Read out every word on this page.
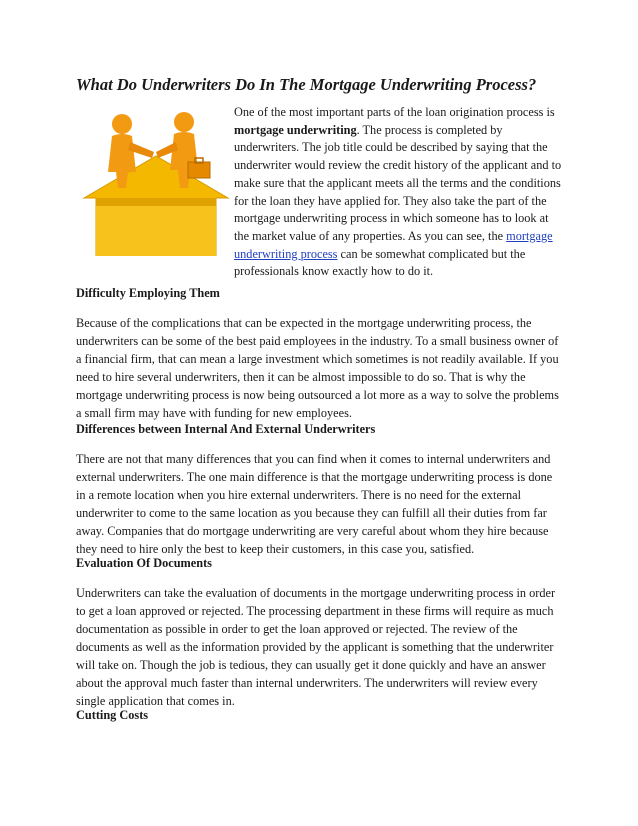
What Do Underwriters Do In The Mortgage Underwriting Process?

One of the most important parts of the loan origination process is mortgage underwriting. The process is completed by underwriters. The job title could be described by saying that the underwriter would review the credit history of the applicant and to make sure that the applicant meets all the terms and the conditions for the loan they have applied for. They also take the part of the mortgage underwriting process in which someone has to look at the market value of any properties. As you can see, the mortgage underwriting process can be somewhat complicated but the professionals know exactly how to do it.

Difficulty Employing Them

Because of the complications that can be expected in the mortgage underwriting process, the underwriters can be some of the best paid employees in the industry. To a small business owner of a financial firm, that can mean a large investment which sometimes is not readily available. If you need to hire several underwriters, then it can be almost impossible to do so. That is why the mortgage underwriting process is now being outsourced a lot more as a way to solve the problems a small firm may have with funding for new employees.

Differences between Internal And External Underwriters

There are not that many differences that you can find when it comes to internal underwriters and external underwriters. The one main difference is that the mortgage underwriting process is done in a remote location when you hire external underwriters. There is no need for the external underwriter to come to the same location as you because they can fulfill all their duties from far away. Companies that do mortgage underwriting are very careful about whom they hire because they need to hire only the best to keep their customers, in this case you, satisfied.

Evaluation Of Documents

Underwriters can take the evaluation of documents in the mortgage underwriting process in order to get a loan approved or rejected. The processing department in these firms will require as much documentation as possible in order to get the loan approved or rejected. The review of the documents as well as the information provided by the applicant is something that the underwriter will take on. Though the job is tedious, they can usually get it done quickly and have an answer about the approval much faster than internal underwriters. The underwriters will review every single application that comes in.

Cutting Costs
